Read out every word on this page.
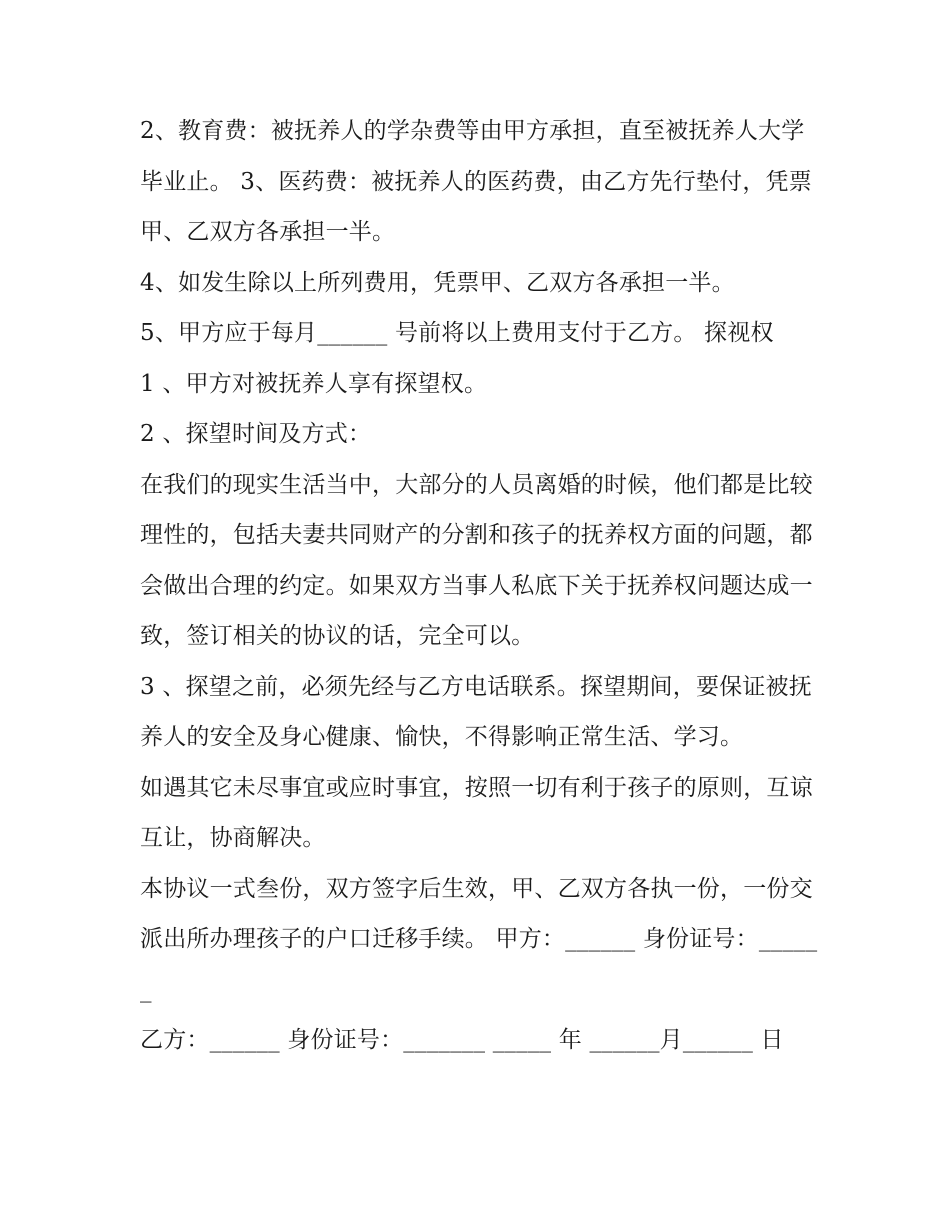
2、教育费：被抚养人的学杂费等由甲方承担，直至被抚养人大学毕业止。 3、医药费：被抚养人的医药费，由乙方先行垫付，凭票甲、乙双方各承担一半。

4、如发生除以上所列费用，凭票甲、乙双方各承担一半。

5、甲方应于每月______ 号前将以上费用支付于乙方。 探视权

1 、甲方对被抚养人享有探望权。

2 、探望时间及方式：

在我们的现实生活当中，大部分的人员离婚的时候，他们都是比较理性的，包括夫妻共同财产的分割和孩子的抚养权方面的问题，都会做出合理的约定。如果双方当事人私底下关于抚养权问题达成一致，签订相关的协议的话，完全可以。

3 、探望之前，必须先经与乙方电话联系。探望期间，要保证被抚养人的安全及身心健康、愉快，不得影响正常生活、学习。

如遇其它未尽事宜或应时事宜，按照一切有利于孩子的原则，互谅互让，协商解决。

本协议一式叁份，双方签字后生效，甲、乙双方各执一份，一份交派出所办理孩子的户口迁移手续。 甲方：______ 身份证号：______

乙方：______ 身份证号：_______ _____ 年 ______月______ 日
